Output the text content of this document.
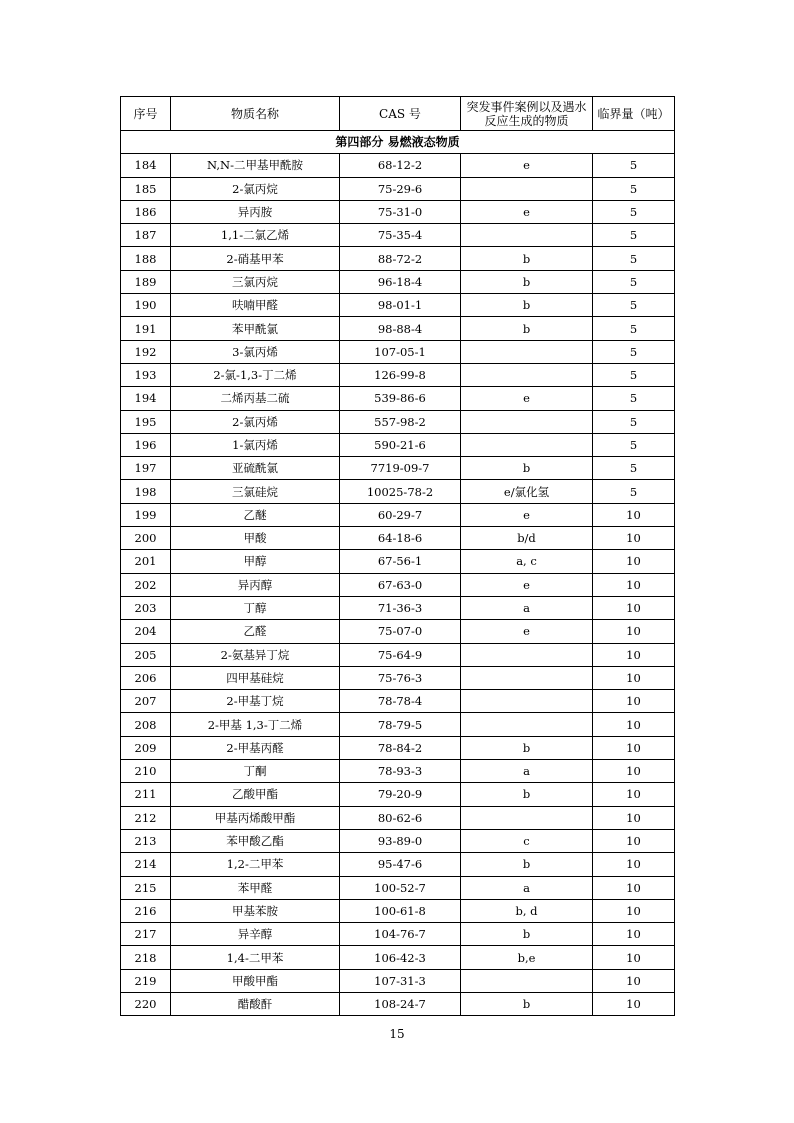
序号	物质名称	CAS 号	突发事件案例以及遇水反应生成的物质	临界量（吨）
第四部分 易燃液态物质				
184	N,N-二甲基甲酰胺	68-12-2	e	5
185	2-氯丙烷	75-29-6		5
186	异丙胺	75-31-0	e	5
187	1,1-二氯乙烯	75-35-4		5
188	2-硝基甲苯	88-72-2	b	5
189	三氯丙烷	96-18-4	b	5
190	呋喃甲醛	98-01-1	b	5
191	苯甲酰氯	98-88-4	b	5
192	3-氯丙烯	107-05-1		5
193	2-氯-1,3-丁二烯	126-99-8		5
194	二烯丙基二硫	539-86-6	e	5
195	2-氯丙烯	557-98-2		5
196	1-氯丙烯	590-21-6		5
197	亚硫酰氯	7719-09-7	b	5
198	三氯硅烷	10025-78-2	e/氯化氢	5
199	乙醚	60-29-7	e	10
200	甲酸	64-18-6	b/d	10
201	甲醇	67-56-1	a, c	10
202	异丙醇	67-63-0	e	10
203	丁醇	71-36-3	a	10
204	乙醛	75-07-0	e	10
205	2-氨基异丁烷	75-64-9		10
206	四甲基硅烷	75-76-3		10
207	2-甲基丁烷	78-78-4		10
208	2-甲基 1,3-丁二烯	78-79-5		10
209	2-甲基丙醛	78-84-2	b	10
210	丁酮	78-93-3	a	10
211	乙酸甲酯	79-20-9	b	10
212	甲基丙烯酸甲酯	80-62-6		10
213	苯甲酸乙酯	93-89-0	c	10
214	1,2-二甲苯	95-47-6	b	10
215	苯甲醛	100-52-7	a	10
216	甲基苯胺	100-61-8	b, d	10
217	异辛醇	104-76-7	b	10
218	1,4-二甲苯	106-42-3	b,e	10
219	甲酸甲酯	107-31-3		10
220	醋酸酐	108-24-7	b	10
15
